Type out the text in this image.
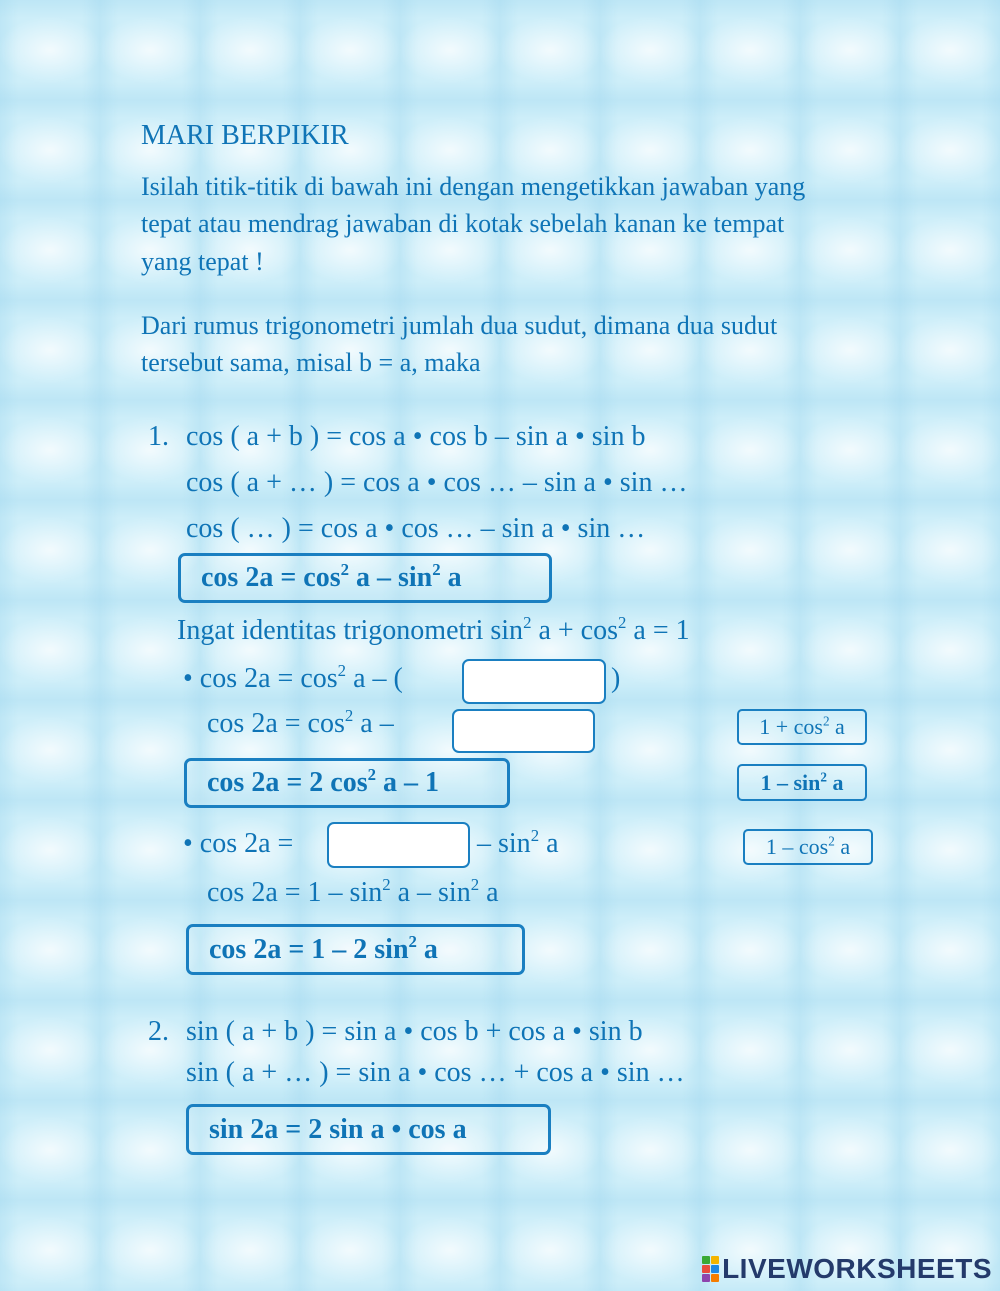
MARI BERPIKIR
Isilah titik-titik di bawah ini dengan mengetikkan jawaban yang
tepat atau mendrag jawaban di kotak sebelah kanan ke tempat
yang tepat !
Dari rumus trigonometri jumlah dua sudut, dimana dua sudut
tersebut sama, misal b = a, maka
1. cos ( a + b ) = cos a • cos b – sin a • sin b
cos ( a + … ) = cos a • cos … – sin a • sin …
cos ( … ) = cos a • cos … – sin a • sin …
$\cos 2a = \cos^2 a - \sin^2 a$
Ingat identitas trigonometri $\sin^2 a + \cos^2 a = 1$
• $\cos 2a = \cos^2 a$ – (	)
$\cos 2a = \cos^2 a$ –
cos 2a = 2 $\cos^2 a - 1$
• cos 2a =	– $\sin^2 a$
$\cos 2a = 1 - \sin^2 a - \sin^2 a$
cos 2a = 1 – 2 $\sin^2 a$
$1 + \cos^2 a$
$1 - \sin^2 a$
$1 - \cos^2 a$
2. sin ( a + b ) = sin a • cos b + cos a • sin b
sin ( a + … ) = sin a • cos … + cos a • sin …
sin 2a = 2 sin a • cos a
LIVEWORKSHEETS
